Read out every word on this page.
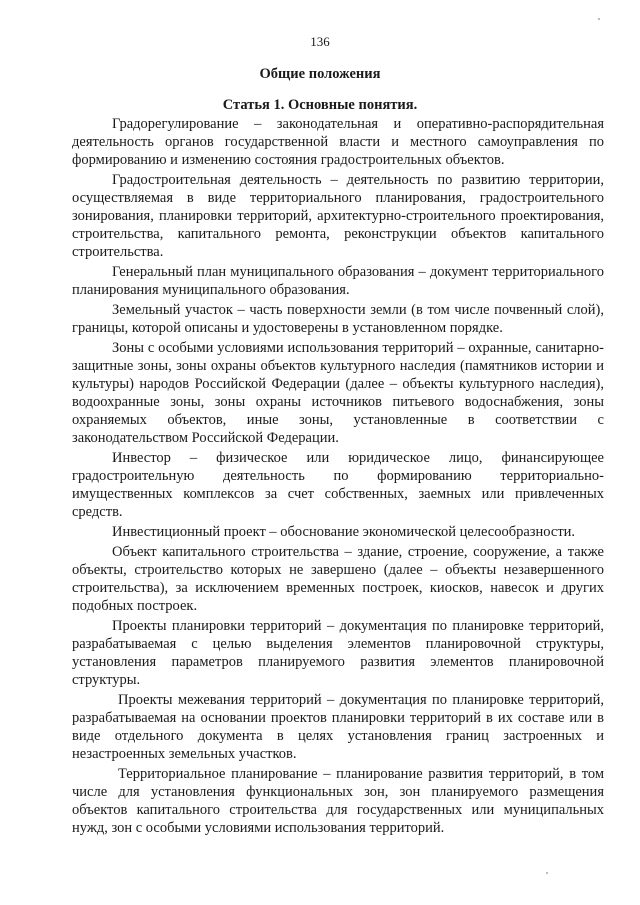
136
Общие положения
Статья 1. Основные понятия.

Градорегулирование – законодательная и оперативно-распорядительная деятельность органов государственной власти и местного самоуправления по формированию и изменению состояния градостроительных объектов.

Градостроительная деятельность – деятельность по развитию территории, осуществляемая в виде территориального планирования, градостроительного зонирования, планировки территорий, архитектурно-строительного проектирования, строительства, капитального ремонта, реконструкции объектов капитального строительства.

Генеральный план муниципального образования – документ территориального планирования муниципального образования.

Земельный участок – часть поверхности земли (в том числе почвенный слой), границы, которой описаны и удостоверены в установленном порядке.

Зоны с особыми условиями использования территорий – охранные, санитарно-защитные зоны, зоны охраны объектов культурного наследия (памятников истории и культуры) народов Российской Федерации (далее – объекты культурного наследия), водоохранные зоны, зоны охраны источников питьевого водоснабжения, зоны охраняемых объектов, иные зоны, установленные в соответствии с законодательством Российской Федерации.

Инвестор – физическое или юридическое лицо, финансирующее градостроительную деятельность по формированию территориально-имущественных комплексов за счет собственных, заемных или привлеченных средств.

Инвестиционный проект – обоснование экономической целесообразности.

Объект капитального строительства – здание, строение, сооружение, а также объекты, строительство которых не завершено (далее – объекты незавершенного строительства), за исключением временных построек, киосков, навесок и других подобных построек.

Проекты планировки территорий – документация по планировке территорий, разрабатываемая с целью выделения элементов планировочной структуры, установления параметров планируемого развития элементов планировочной структуры.

Проекты межевания территорий – документация по планировке территорий, разрабатываемая на основании проектов планировки территорий в их составе или в виде отдельного документа в целях установления границ застроенных и незастроенных земельных участков.

Территориальное планирование – планирование развития территорий, в том числе для установления функциональных зон, зон планируемого размещения объектов капитального строительства для государственных или муниципальных нужд, зон с особыми условиями использования территорий.
